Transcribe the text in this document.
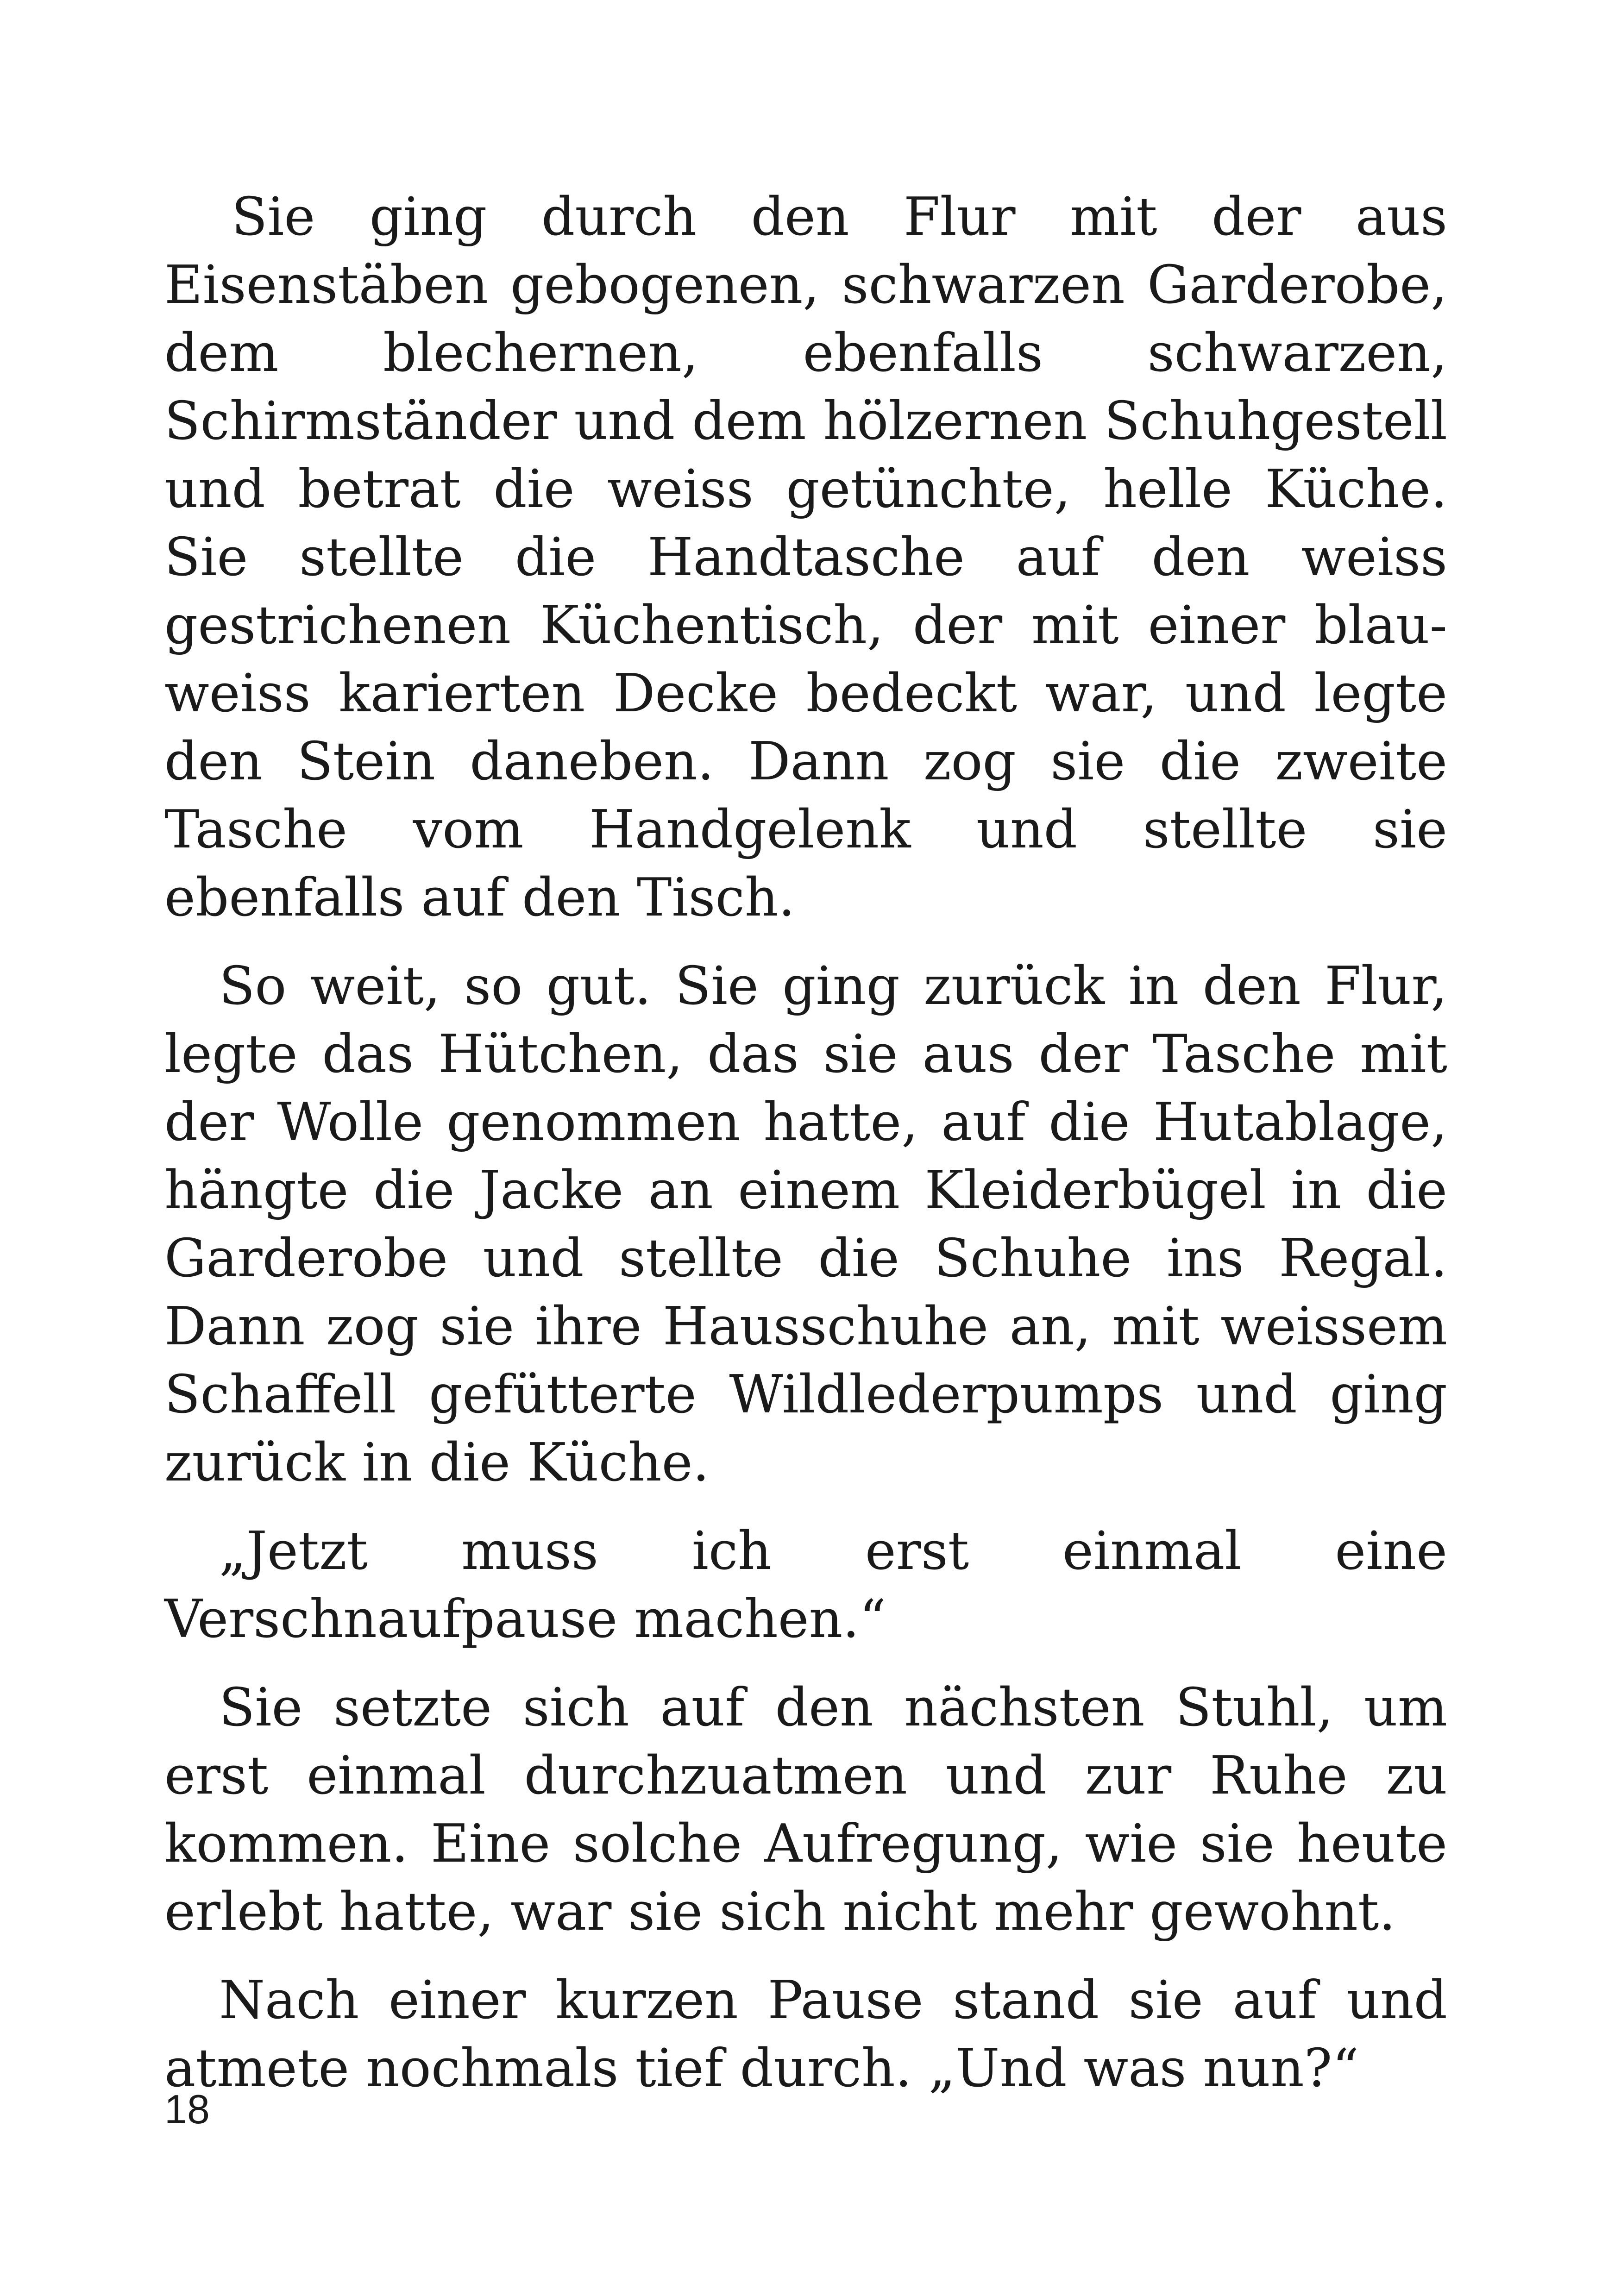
Sie ging durch den Flur mit der aus Eisenstäben gebogenen, schwarzen Garderobe, dem blechernen, ebenfalls schwarzen, Schirmständer und dem hölzernen Schuhgestell und betrat die weiss getünchte, helle Küche. Sie stellte die Handtasche auf den weiss gestrichenen Küchentisch, der mit einer blau-weiss karierten Decke bedeckt war, und legte den Stein daneben. Dann zog sie die zweite Tasche vom Handgelenk und stellte sie ebenfalls auf den Tisch.

So weit, so gut. Sie ging zurück in den Flur, legte das Hütchen, das sie aus der Tasche mit der Wolle genommen hatte, auf die Hutablage, hängte die Jacke an einem Kleiderbügel in die Garderobe und stellte die Schuhe ins Regal. Dann zog sie ihre Hausschuhe an, mit weissem Schaffell gefütterte Wildlederpumps und ging zurück in die Küche.

„Jetzt muss ich erst einmal eine Verschnaufpause machen.“

Sie setzte sich auf den nächsten Stuhl, um erst einmal durchzuatmen und zur Ruhe zu kommen. Eine solche Aufregung, wie sie heute erlebt hatte, war sie sich nicht mehr gewohnt.

Nach einer kurzen Pause stand sie auf und atmete nochmals tief durch. „Und was nun?“

18
